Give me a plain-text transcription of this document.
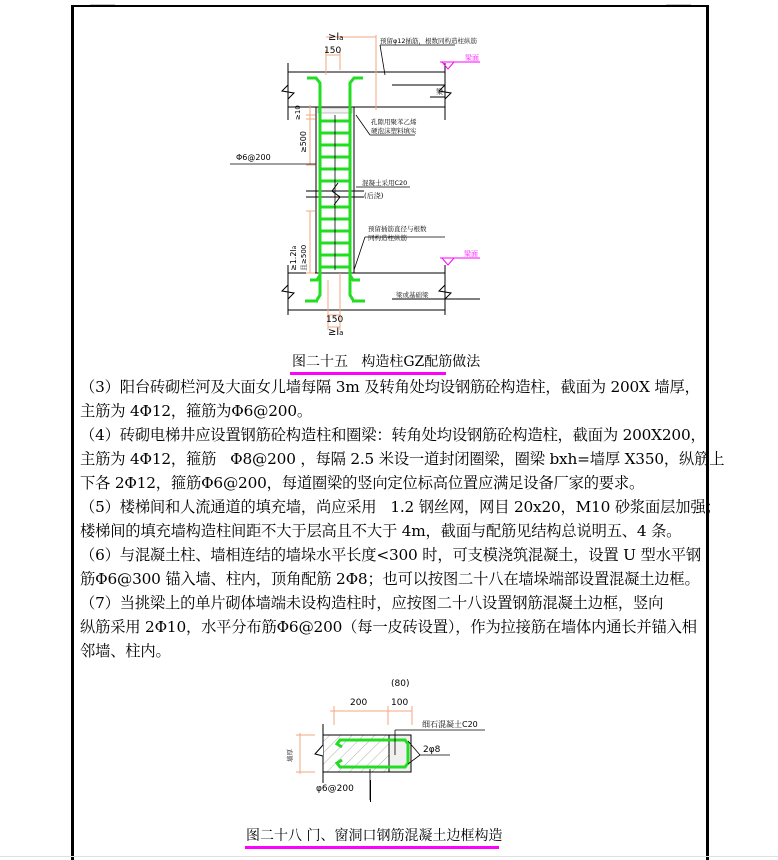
≥la
150
预留φ12插筋，根数同构造柱纵筋
梁面
梁
≥10
≥500
Φ6@200
孔隙用聚苯乙烯
硬泡沫塑料填实
混凝土采用C20
(后浇)
预留插筋直径与根数
同构造柱纵筋
梁面
≥1.2la 且≥500
梁或基础梁
150
≥la
图二十五   构造柱GZ配筋做法
（3）阳台砖砌栏河及大面女儿墙每隔 3m 及转角处均设钢筋砼构造柱，截面为 200X 墙厚，
主筋为 4Φ12，箍筋为Φ6@200。
（4）砖砌电梯井应设置钢筋砼构造柱和圈梁：转角处均设钢筋砼构造柱，截面为 200X200，
主筋为 4Φ12，箍筋   Φ8@200 ，每隔 2.5 米设一道封闭圈梁，圈梁 bxh=墙厚 X350，纵筋上
下各 2Φ12，箍筋Φ6@200，每道圈梁的竖向定位标高位置应满足设备厂家的要求。
（5）楼梯间和人流通道的填充墙，尚应采用   1.2 钢丝网，网目 20x20，M10 砂浆面层加强；
楼梯间的填充墙构造柱间距不大于层高且不大于 4m，截面与配筋见结构总说明五、4 条。
（6）与混凝土柱、墙相连结的墙垛水平长度<300 时，可支模浇筑混凝土，设置 U 型水平钢
筋Φ6@300 锚入墙、柱内，顶角配筋 2Φ8；也可以按图二十八在墙垛端部设置混凝土边框。
（7）当挑梁上的单片砌体墙端未设构造柱时，应按图二十八设置钢筋混凝土边框，竖向
纵筋采用 2Φ10，水平分布筋Φ6@200（每一皮砖设置），作为拉接筋在墙体内通长并锚入相
邻墙、柱内。
(80)
200	100
细石混凝土C20
2φ8
墙厚
φ6@200
图二十八 门、窗洞口钢筋混凝土边框构造
